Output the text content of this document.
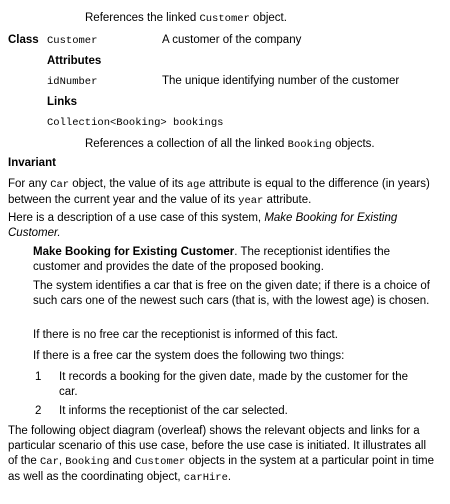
References the linked Customer object.
Class Customer	A customer of the company
Attributes
idNumber	The unique identifying number of the customer
Links
Collection<Booking> bookings
References a collection of all the linked Booking objects.
Invariant
For any Car object, the value of its age attribute is equal to the difference (in years) between the current year and the value of its year attribute.
Here is a description of a use case of this system, Make Booking for Existing Customer.
Make Booking for Existing Customer. The receptionist identifies the customer and provides the date of the proposed booking.
The system identifies a car that is free on the given date; if there is a choice of such cars one of the newest such cars (that is, with the lowest age) is chosen.
If there is no free car the receptionist is informed of this fact.
If there is a free car the system does the following two things:
1 It records a booking for the given date, made by the customer for the car.
2 It informs the receptionist of the car selected.
The following object diagram (overleaf) shows the relevant objects and links for a particular scenario of this use case, before the use case is initiated. It illustrates all of the Car, Booking and Customer objects in the system at a particular point in time as well as the coordinating object, carHire.
